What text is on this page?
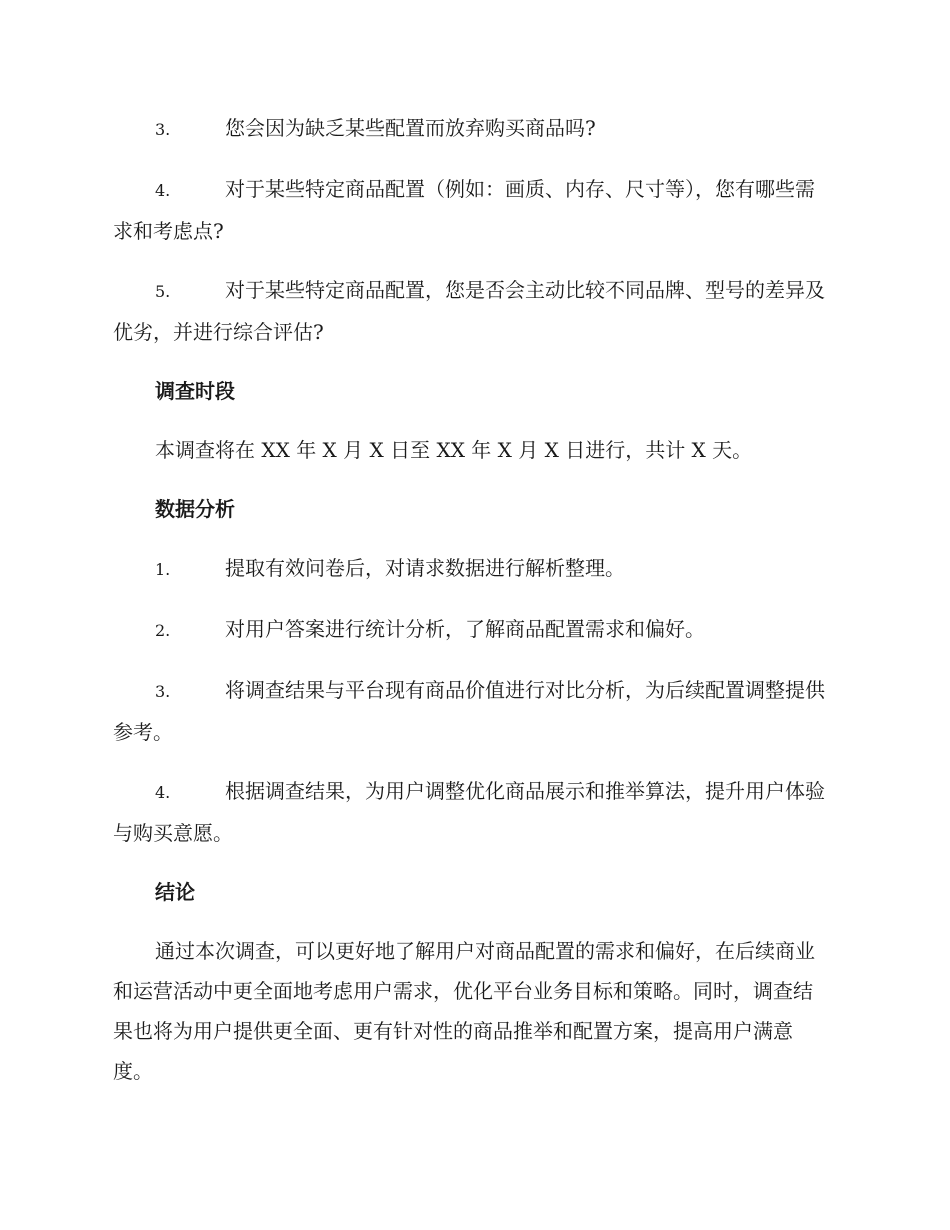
3.	您会因为缺乏某些配置而放弃购买商品吗?

4.	对于某些特定商品配置（例如：画质、内存、尺寸等），您有哪些需求和考虑点?

5.	对于某些特定商品配置，您是否会主动比较不同品牌、型号的差异及优劣，并进行综合评估?

调查时段

本调查将在 XX 年 X 月 X 日至 XX 年 X 月 X 日进行，共计 X 天。

数据分析

1.	提取有效问卷后，对请求数据进行解析整理。

2.	对用户答案进行统计分析，了解商品配置需求和偏好。

3.	将调查结果与平台现有商品价值进行对比分析，为后续配置调整提供参考。

4.	根据调查结果，为用户调整优化商品展示和推举算法，提升用户体验与购买意愿。

结论

通过本次调查，可以更好地了解用户对商品配置的需求和偏好，在后续商业和运营活动中更全面地考虑用户需求，优化平台业务目标和策略。同时，调查结果也将为用户提供更全面、更有针对性的商品推举和配置方案，提高用户满意度。
